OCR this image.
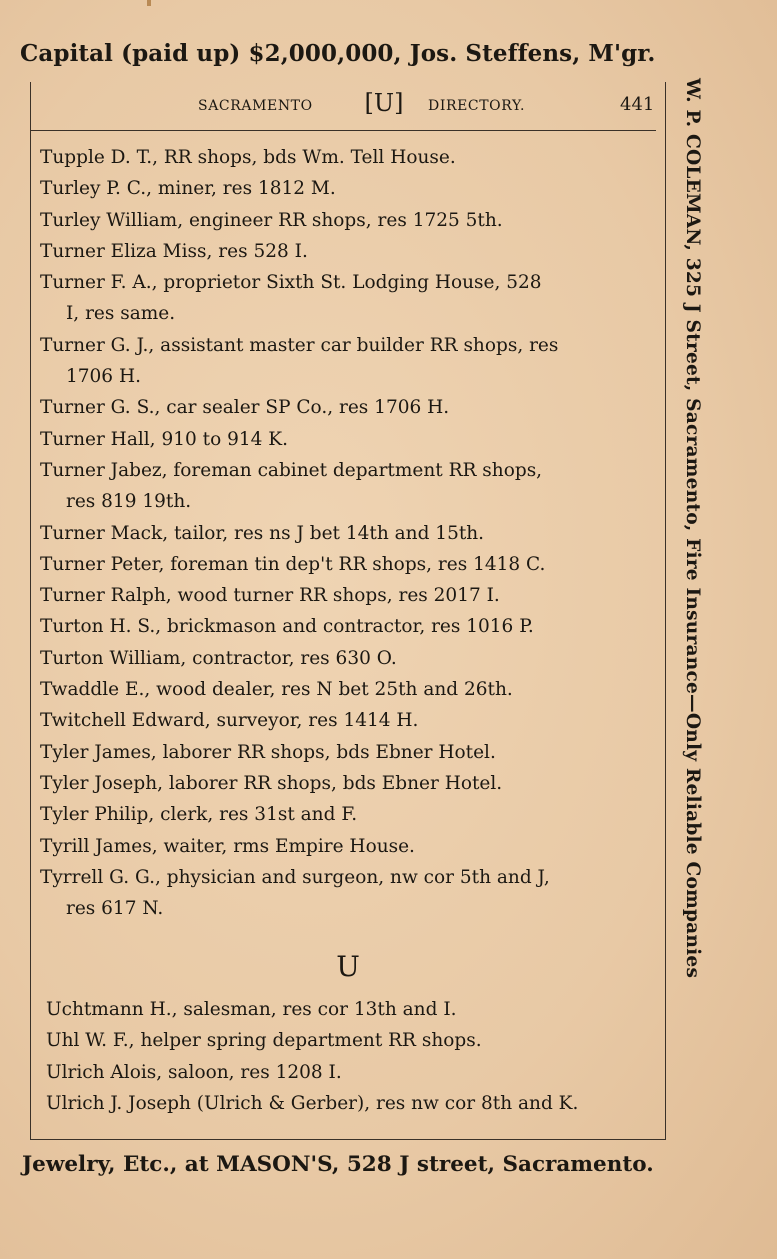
Capital (paid up) $2,000,000, Jos. Steffens, M'gr.
W. P. COLEMAN, 325 J Street, Sacramento, Fire Insurance—Only Reliable Companies
SACRAMENTO [U]	DIRECTORY.	441
Tupple D. T., RR shops, bds Wm. Tell House.
Turley P. C., miner, res 1812 M.
Turley William, engineer RR shops, res 1725 5th.
Turner Eliza Miss, res 528 I.
Turner F. A., proprietor Sixth St. Lodging House, 528
I, res same.
Turner G. J., assistant master car builder RR shops, res
1706 H.
Turner G. S., car sealer SP Co., res 1706 H.
Turner Hall, 910 to 914 K.
Turner Jabez, foreman cabinet department RR shops,
res 819 19th.
Turner Mack, tailor, res ns J bet 14th and 15th.
Turner Peter, foreman tin dep't RR shops, res 1418 C.
Turner Ralph, wood turner RR shops, res 2017 I.
Turton H. S., brickmason and contractor, res 1016 P.
Turton William, contractor, res 630 O.
Twaddle E., wood dealer, res N bet 25th and 26th.
Twitchell Edward, surveyor, res 1414 H.
Tyler James, laborer RR shops, bds Ebner Hotel.
Tyler Joseph, laborer RR shops, bds Ebner Hotel.
Tyler Philip, clerk, res 31st and F.
Tyrill James, waiter, rms Empire House.
Tyrrell G. G., physician and surgeon, nw cor 5th and J,
res 617 N.
U
Uchtmann H., salesman, res cor 13th and I.
Uhl W. F., helper spring department RR shops.
Ulrich Alois, saloon, res 1208 I.
Ulrich J. Joseph (Ulrich & Gerber), res nw cor 8th and K.
Jewelry, Etc., at MASON'S, 528 J street, Sacramento.
